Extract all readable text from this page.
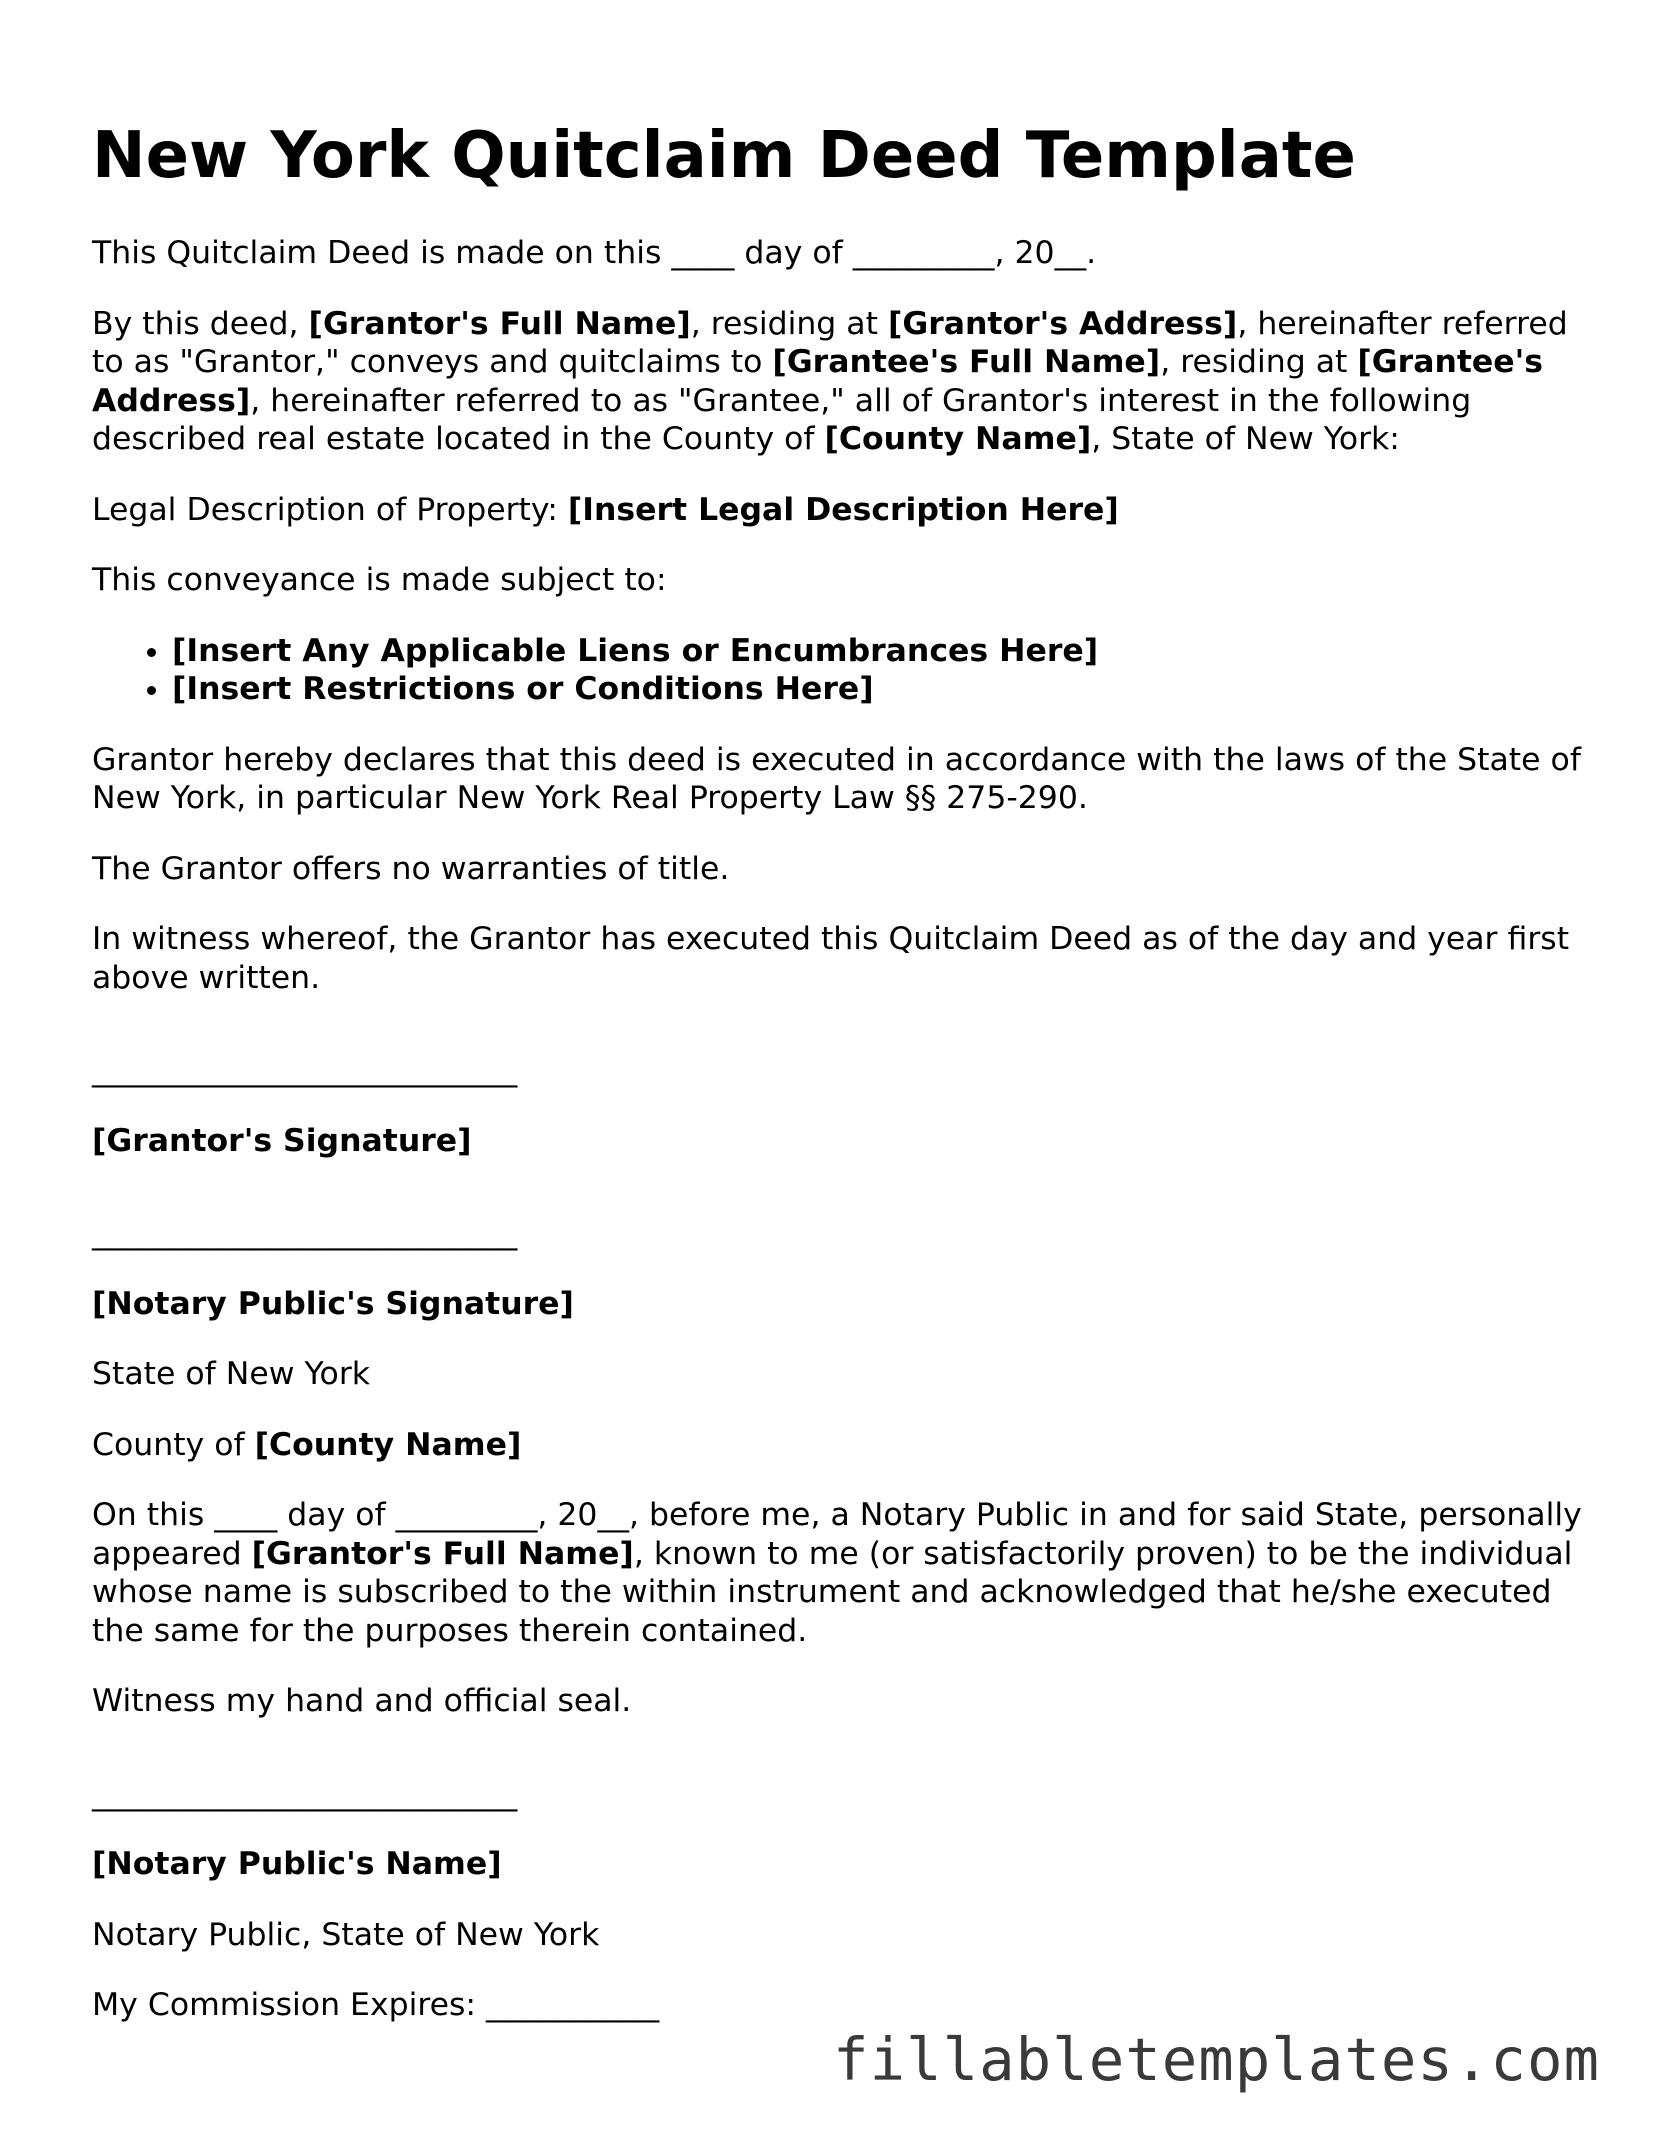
New York Quitclaim Deed Template

This Quitclaim Deed is made on this ____ day of _________, 20__.

By this deed, [Grantor's Full Name], residing at [Grantor's Address], hereinafter referred to as "Grantor," conveys and quitclaims to [Grantee's Full Name], residing at [Grantee's Address], hereinafter referred to as "Grantee," all of Grantor's interest in the following described real estate located in the County of [County Name], State of New York:

Legal Description of Property: [Insert Legal Description Here]

This conveyance is made subject to:

• [Insert Any Applicable Liens or Encumbrances Here]
• [Insert Restrictions or Conditions Here]

Grantor hereby declares that this deed is executed in accordance with the laws of the State of New York, in particular New York Real Property Law §§ 275-290.

The Grantor offers no warranties of title.

In witness whereof, the Grantor has executed this Quitclaim Deed as of the day and year first above written.

___________________________

[Grantor's Signature]

___________________________

[Notary Public's Signature]

State of New York

County of [County Name]

On this ____ day of _________, 20__, before me, a Notary Public in and for said State, personally appeared [Grantor's Full Name], known to me (or satisfactorily proven) to be the individual whose name is subscribed to the within instrument and acknowledged that he/she executed the same for the purposes therein contained.

Witness my hand and official seal.

___________________________

[Notary Public's Name]

Notary Public, State of New York

My Commission Expires: ___________

fillabletemplates.com
